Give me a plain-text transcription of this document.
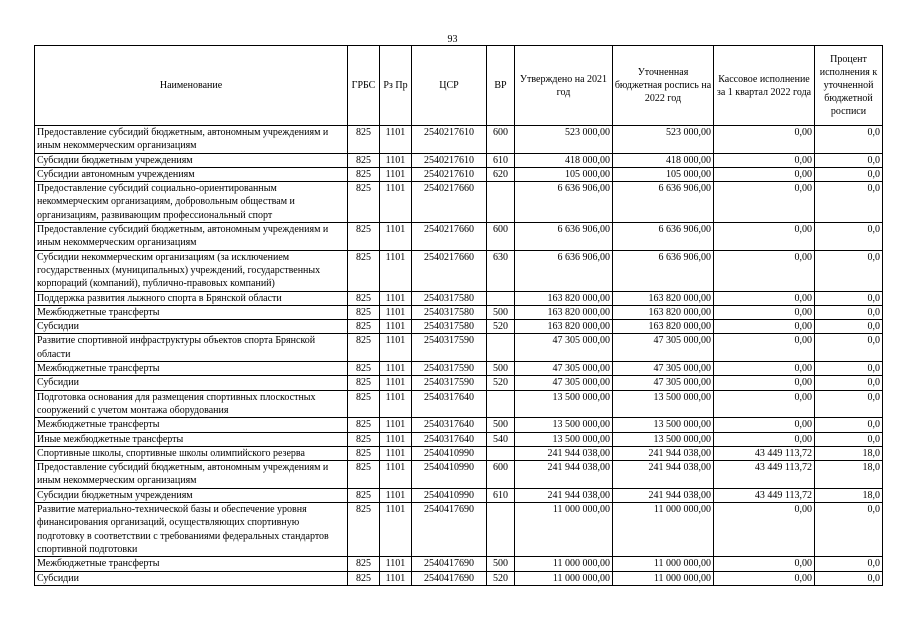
93
Наименование	ГРБС	Рз Пр	ЦСР	ВР	Утверждено на 2021 год	Уточненная бюджетная роспись на 2022 год	Кассовое исполнение за 1 квартал 2022 года	Процент исполнения к уточненной бюджетной росписи
Предоставление субсидий бюджетным, автономным учреждениям и иным некоммерческим организациям	825	1101	2540217610	600	523 000,00	523 000,00	0,00	0,0
Субсидии бюджетным учреждениям	825	1101	2540217610	610	418 000,00	418 000,00	0,00	0,0
Субсидии автономным учреждениям	825	1101	2540217610	620	105 000,00	105 000,00	0,00	0,0
Предоставление субсидий социально-ориентированным некоммерческим организациям, добровольным обществам и организациям, развивающим профессиональный спорт	825	1101	2540217660		6 636 906,00	6 636 906,00	0,00	0,0
Предоставление субсидий бюджетным, автономным учреждениям и иным некоммерческим организациям	825	1101	2540217660	600	6 636 906,00	6 636 906,00	0,00	0,0
Субсидии некоммерческим организациям (за исключением государственных (муниципальных) учреждений, государственных корпораций (компаний), публично-правовых компаний)	825	1101	2540217660	630	6 636 906,00	6 636 906,00	0,00	0,0
Поддержка развития лыжного спорта в Брянской области	825	1101	2540317580		163 820 000,00	163 820 000,00	0,00	0,0
Межбюджетные трансферты	825	1101	2540317580	500	163 820 000,00	163 820 000,00	0,00	0,0
Субсидии	825	1101	2540317580	520	163 820 000,00	163 820 000,00	0,00	0,0
Развитие спортивной инфраструктуры объектов спорта Брянской области	825	1101	2540317590		47 305 000,00	47 305 000,00	0,00	0,0
Межбюджетные трансферты	825	1101	2540317590	500	47 305 000,00	47 305 000,00	0,00	0,0
Субсидии	825	1101	2540317590	520	47 305 000,00	47 305 000,00	0,00	0,0
Подготовка основания для размещения спортивных плоскостных сооружений с учетом монтажа оборудования	825	1101	2540317640		13 500 000,00	13 500 000,00	0,00	0,0
Межбюджетные трансферты	825	1101	2540317640	500	13 500 000,00	13 500 000,00	0,00	0,0
Иные межбюджетные трансферты	825	1101	2540317640	540	13 500 000,00	13 500 000,00	0,00	0,0
Спортивные школы, спортивные школы олимпийского резерва	825	1101	2540410990		241 944 038,00	241 944 038,00	43 449 113,72	18,0
Предоставление субсидий бюджетным, автономным учреждениям и иным некоммерческим организациям	825	1101	2540410990	600	241 944 038,00	241 944 038,00	43 449 113,72	18,0
Субсидии бюджетным учреждениям	825	1101	2540410990	610	241 944 038,00	241 944 038,00	43 449 113,72	18,0
Развитие материально-технической базы и обеспечение уровня финансирования организаций, осуществляющих спортивную подготовку в соответствии с требованиями федеральных стандартов спортивной подготовки	825	1101	2540417690		11 000 000,00	11 000 000,00	0,00	0,0
Межбюджетные трансферты	825	1101	2540417690	500	11 000 000,00	11 000 000,00	0,00	0,0
Субсидии	825	1101	2540417690	520	11 000 000,00	11 000 000,00	0,00	0,0
